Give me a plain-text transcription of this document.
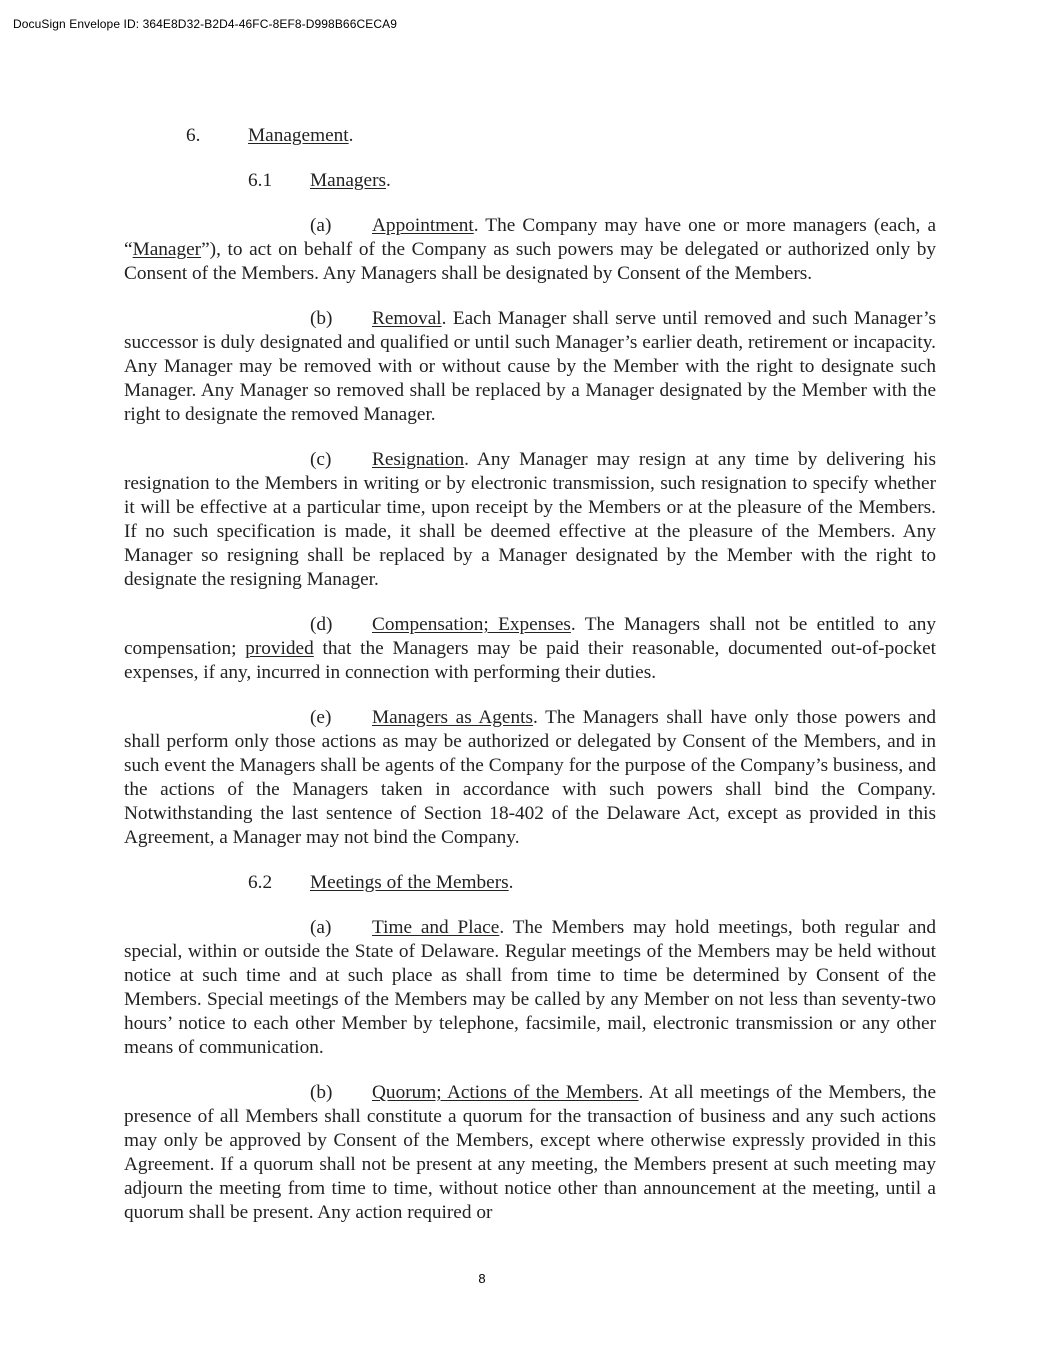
DocuSign Envelope ID: 364E8D32-B2D4-46FC-8EF8-D998B66CECA9
6.	Management.
6.1	Managers.

(a) Appointment. The Company may have one or more managers (each, a “Manager”), to act on behalf of the Company as such powers may be delegated or authorized only by Consent of the Members. Any Managers shall be designated by Consent of the Members.

(b) Removal. Each Manager shall serve until removed and such Manager’s successor is duly designated and qualified or until such Manager’s earlier death, retirement or incapacity. Any Manager may be removed with or without cause by the Member with the right to designate such Manager. Any Manager so removed shall be replaced by a Manager designated by the Member with the right to designate the removed Manager.

(c) Resignation. Any Manager may resign at any time by delivering his resignation to the Members in writing or by electronic transmission, such resignation to specify whether it will be effective at a particular time, upon receipt by the Members or at the pleasure of the Members. If no such specification is made, it shall be deemed effective at the pleasure of the Members. Any Manager so resigning shall be replaced by a Manager designated by the Member with the right to designate the resigning Manager.

(d) Compensation; Expenses. The Managers shall not be entitled to any compensation; provided that the Managers may be paid their reasonable, documented out-of-pocket expenses, if any, incurred in connection with performing their duties.

(e) Managers as Agents. The Managers shall have only those powers and shall perform only those actions as may be authorized or delegated by Consent of the Members, and in such event the Managers shall be agents of the Company for the purpose of the Company’s business, and the actions of the Managers taken in accordance with such powers shall bind the Company. Notwithstanding the last sentence of Section 18-402 of the Delaware Act, except as provided in this Agreement, a Manager may not bind the Company.

6.2	Meetings of the Members.

(a) Time and Place. The Members may hold meetings, both regular and special, within or outside the State of Delaware. Regular meetings of the Members may be held without notice at such time and at such place as shall from time to time be determined by Consent of the Members. Special meetings of the Members may be called by any Member on not less than seventy-two hours’ notice to each other Member by telephone, facsimile, mail, electronic transmission or any other means of communication.

(b) Quorum; Actions of the Members. At all meetings of the Members, the presence of all Members shall constitute a quorum for the transaction of business and any such actions may only be approved by Consent of the Members, except where otherwise expressly provided in this Agreement. If a quorum shall not be present at any meeting, the Members present at such meeting may adjourn the meeting from time to time, without notice other than announcement at the meeting, until a quorum shall be present. Any action required or

8
